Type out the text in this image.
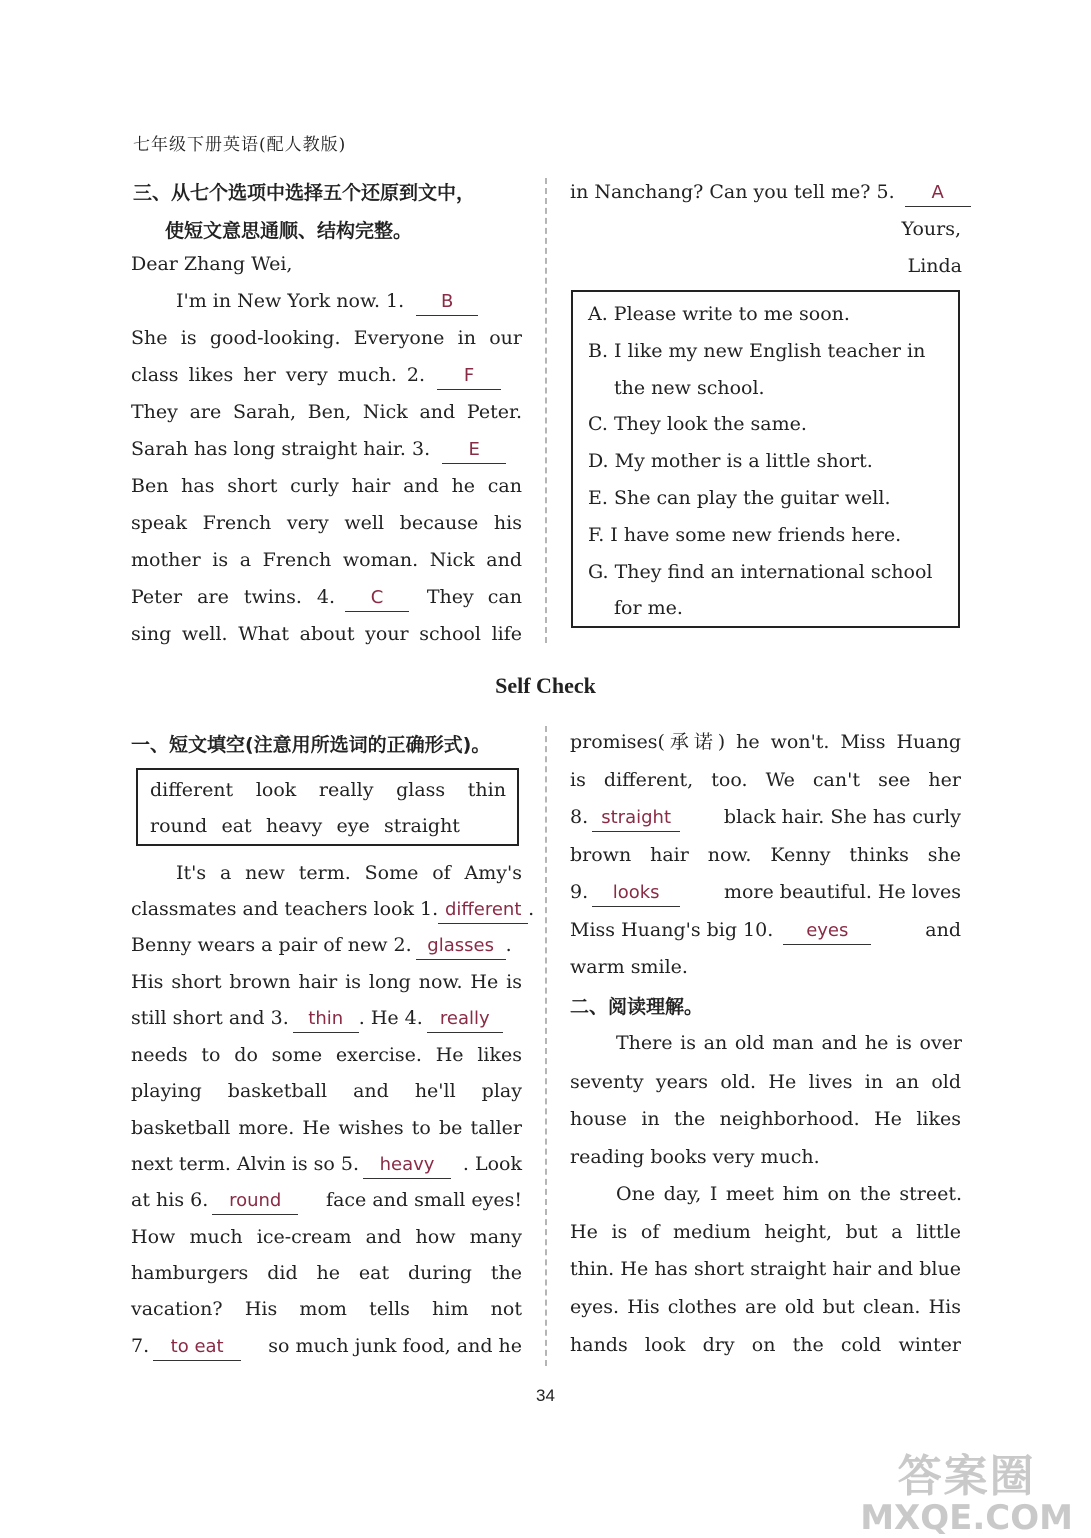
七年级下册英语(配人教版)
三、从七个选项中选择五个还原到文中，
使短文意思通顺、结构完整。
Dear Zhang Wei,
I'm in New York now. 1. B
She is good-looking. Everyone in our
class likes her very much. 2. F
They are Sarah, Ben, Nick and Peter.
Sarah has long straight hair. 3. E
Ben has short curly hair and he can
speak French very well because his
mother is a French woman. Nick and
Peter are twins. 4. C They can
sing well. What about your school life
in Nanchang? Can you tell me? 5. A
Yours,
Linda
A. Please write to me soon.
B. I like my new English teacher in
the new school.
C. They look the same.
D. My mother is a little short.
E. She can play the guitar well.
F. I have some new friends here.
G. They find an international school
for me.
Self Check
一、短文填空(注意用所选词的正确形式)。
different look really glass thin
round eat heavy eye straight
It's a new term. Some of Amy's
classmates and teachers look 1. different .
Benny wears a pair of new 2. glasses .
His short brown hair is long now. He is
still short and 3. thin . He 4. really
needs to do some exercise. He likes
playing basketball and he'll play
basketball more. He wishes to be taller
next term. Alvin is so 5. heavy . Look
at his 6. round face and small eyes!
How much ice-cream and how many
hamburgers did he eat during the
vacation? His mom tells him not
7. to eat so much junk food, and he
promises(承诺) he won't. Miss Huang
is different, too. We can't see her
8. straight	black hair. She has curly
brown hair now. Kenny thinks she
9. looks	more beautiful. He loves
Miss Huang's big 10. eyes	and
warm smile.
二、阅读理解。
There is an old man and he is over
seventy years old. He lives in an old
house in the neighborhood. He likes
reading books very much.
One day, I meet him on the street.
He is of medium height, but a little
thin. He has short straight hair and blue
eyes. His clothes are old but clean. His
hands look dry on the cold winter
34
答案圈
MXQE.COM
